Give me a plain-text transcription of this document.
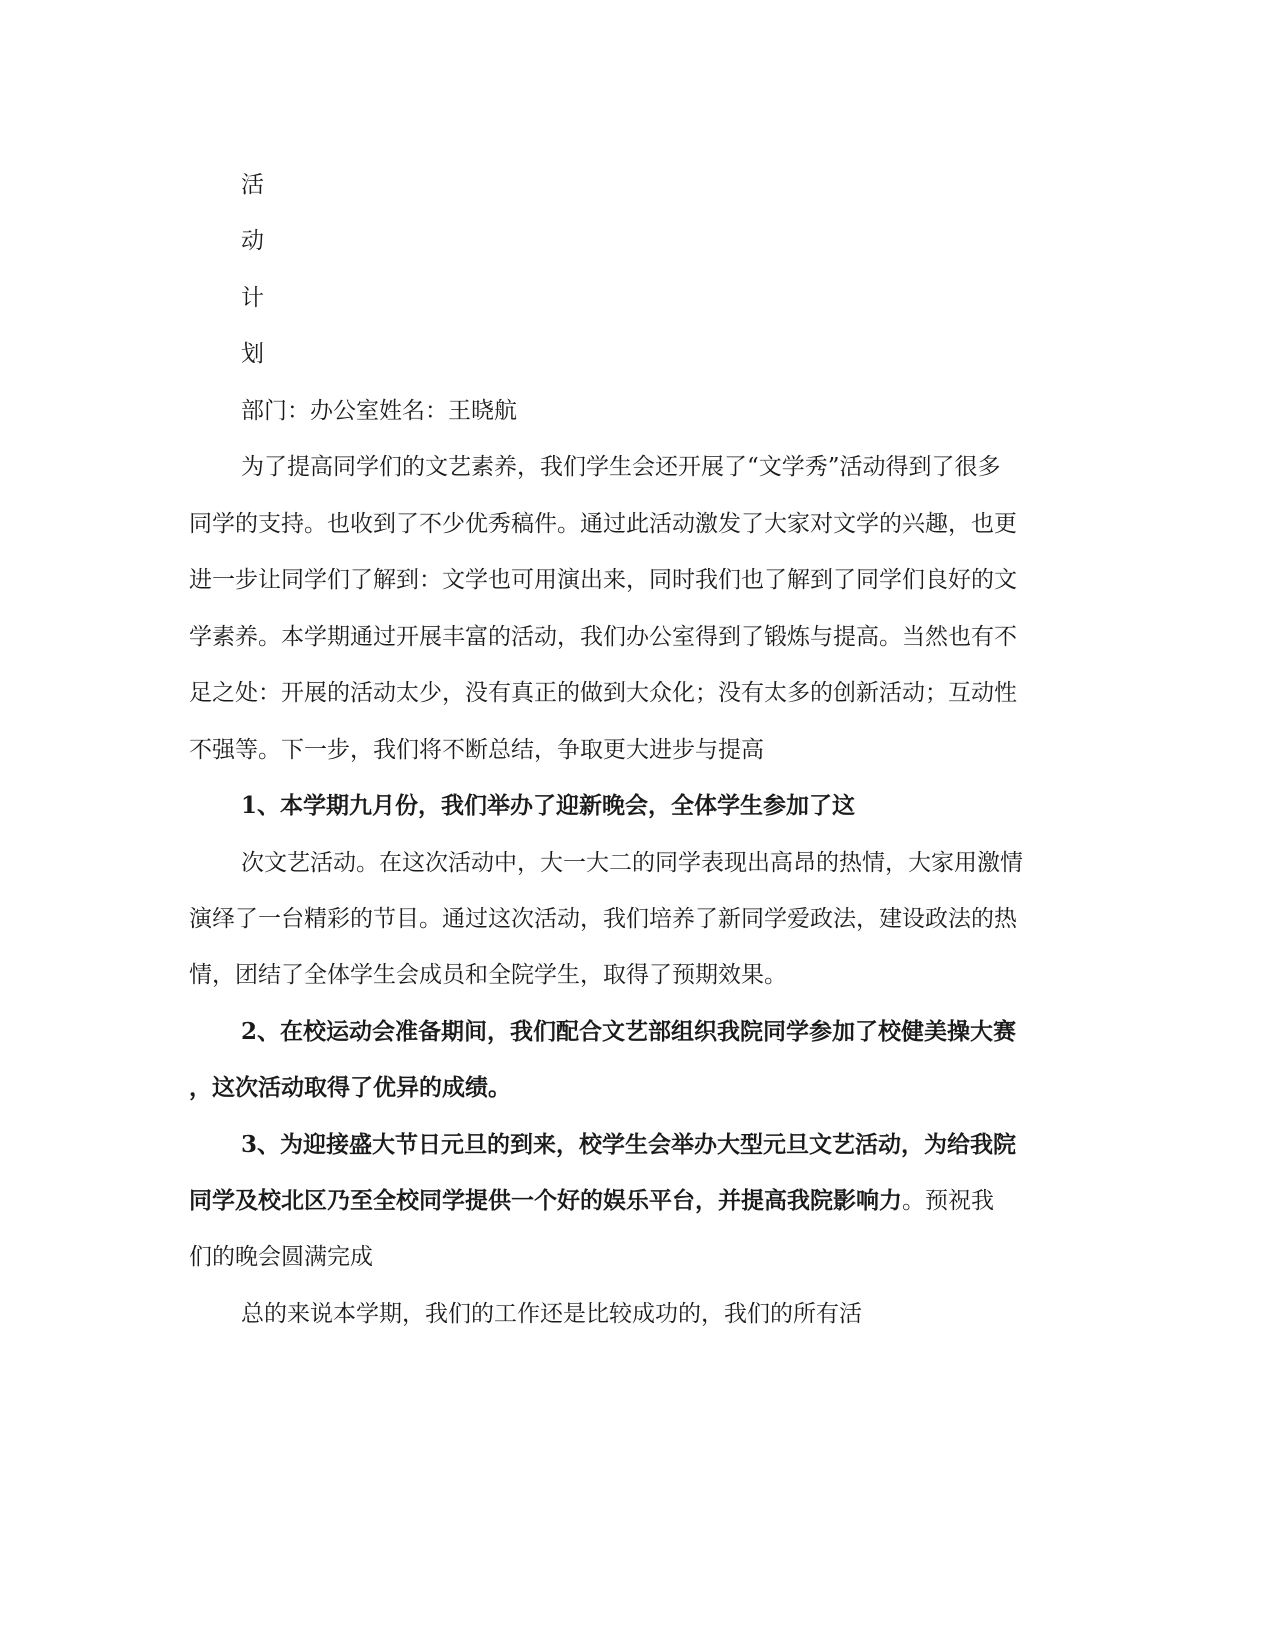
活
动
计
划
部门：办公室姓名：王晓航
为了提高同学们的文艺素养，我们学生会还开展了“文学秀”活动得到了很多
同学的支持。也收到了不少优秀稿件。通过此活动激发了大家对文学的兴趣，也更
进一步让同学们了解到：文学也可用演出来，同时我们也了解到了同学们良好的文
学素养。本学期通过开展丰富的活动，我们办公室得到了锻炼与提高。当然也有不
足之处：开展的活动太少，没有真正的做到大众化；没有太多的创新活动；互动性
不强等。下一步，我们将不断总结，争取更大进步与提高
1、本学期九月份，我们举办了迎新晚会，全体学生参加了这
次文艺活动。在这次活动中，大一大二的同学表现出高昂的热情，大家用激情
演绎了一台精彩的节目。通过这次活动，我们培养了新同学爱政法，建设政法的热
情，团结了全体学生会成员和全院学生，取得了预期效果。
2、在校运动会准备期间，我们配合文艺部组织我院同学参加了校健美操大赛
，这次活动取得了优异的成绩。
3、为迎接盛大节日元旦的到来，校学生会举办大型元旦文艺活动，为给我院
同学及校北区乃至全校同学提供一个好的娱乐平台，并提高我院影响力。预祝我
们的晚会圆满完成
总的来说本学期，我们的工作还是比较成功的，我们的所有活
